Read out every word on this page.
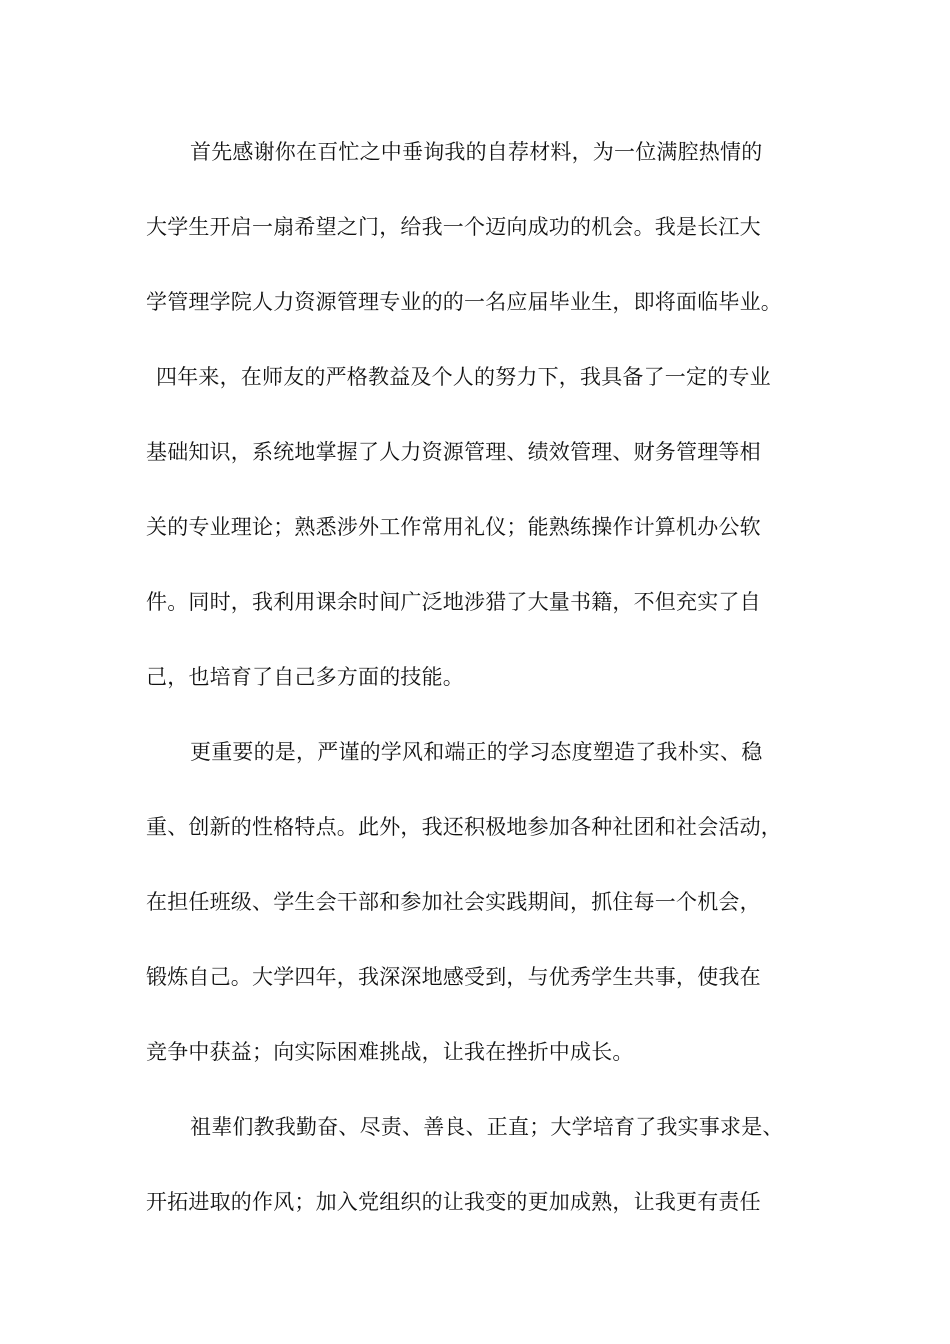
首先感谢你在百忙之中垂询我的自荐材料，为一位满腔热情的
大学生开启一扇希望之门，给我一个迈向成功的机会。我是长江大
学管理学院人力资源管理专业的的一名应届毕业生，即将面临毕业。
四年来，在师友的严格教益及个人的努力下，我具备了一定的专业
基础知识，系统地掌握了人力资源管理、绩效管理、财务管理等相
关的专业理论；熟悉涉外工作常用礼仪；能熟练操作计算机办公软
件。同时，我利用课余时间广泛地涉猎了大量书籍，不但充实了自
己，也培育了自己多方面的技能。
更重要的是，严谨的学风和端正的学习态度塑造了我朴实、稳
重、创新的性格特点。此外，我还积极地参加各种社团和社会活动，
在担任班级、学生会干部和参加社会实践期间，抓住每一个机会，
锻炼自己。大学四年，我深深地感受到，与优秀学生共事，使我在
竞争中获益；向实际困难挑战，让我在挫折中成长。
祖辈们教我勤奋、尽责、善良、正直；大学培育了我实事求是、
开拓进取的作风；加入党组织的让我变的更加成熟，让我更有责任
